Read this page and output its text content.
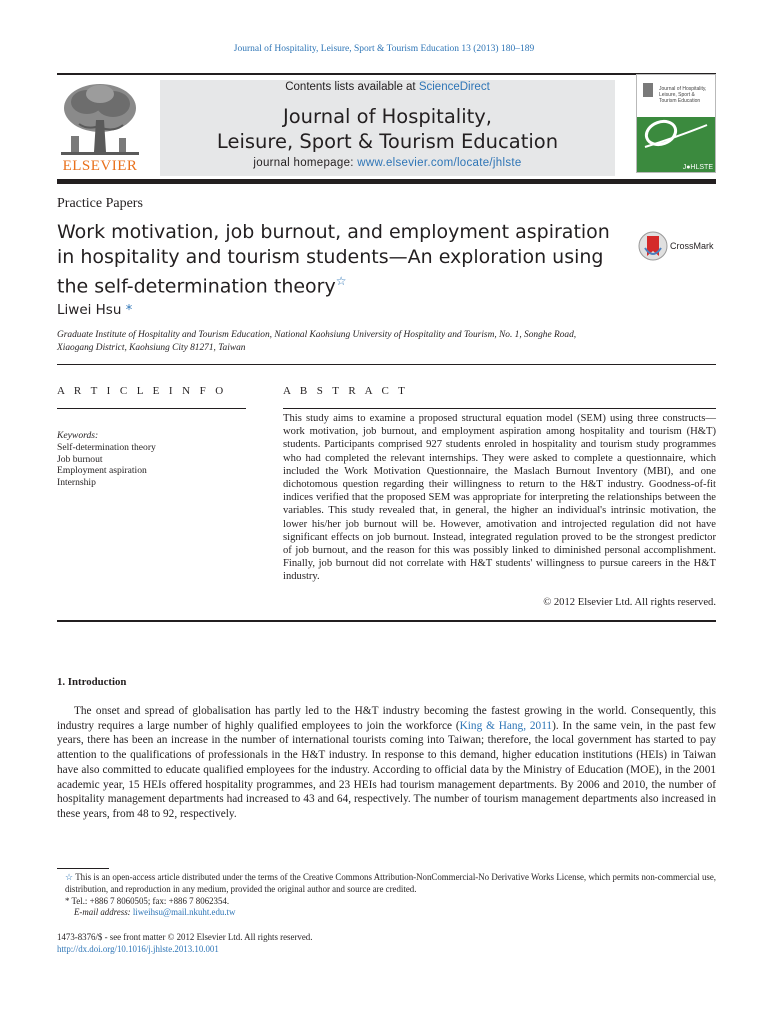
Journal of Hospitality, Leisure, Sport & Tourism Education 13 (2013) 180–189
ELSEVIER
Contents lists available at ScienceDirect
Journal of Hospitality,
Leisure, Sport & Tourism Education
journal homepage: www.elsevier.com/locate/jhlste
Journal of Hospitality,
Leisure, Sport &
Tourism Education
J●HLSTE
Practice Papers
Work motivation, job burnout, and employment aspiration
in hospitality and tourism students—An exploration using
the self-determination theory☆
CrossMark
Liwei Hsu *
Graduate Institute of Hospitality and Tourism Education, National Kaohsiung University of Hospitality and Tourism, No. 1, Songhe Road,
Xiaogang District, Kaohsiung City 81271, Taiwan
A R T I C L E I N F O	A B S T R A C T
Keywords:
Self-determination theory
Job burnout
Employment aspiration
Internship
This study aims to examine a proposed structural equation model (SEM) using three constructs—work motivation, job burnout, and employment aspiration among hospitality and tourism (H&T) students. Participants comprised 927 students enroled in hospitality and tourism study programmes who had completed the relevant internships. They were asked to complete a questionnaire, which included the Work Motivation Questionnaire, the Maslach Burnout Inventory (MBI), and one dichotomous question regarding their willingness to return to the H&T industry. Goodness-of-fit indices verified that the proposed SEM was appropriate for interpreting the relationships between the variables. This study revealed that, in general, the higher an individual's intrinsic motivation, the lower his/her job burnout will be. However, amotivation and introjected regulation did not have significant effects on job burnout. Instead, integrated regulation proved to be the strongest predictor of job burnout, and the reason for this was possibly linked to diminished personal accomplishment. Finally, job burnout did not correlate with H&T students' willingness to pursue careers in the H&T industry.
© 2012 Elsevier Ltd. All rights reserved.
1. Introduction
The onset and spread of globalisation has partly led to the H&T industry becoming the fastest growing in the world. Consequently, this industry requires a large number of highly qualified employees to join the workforce (King & Hang, 2011). In the same vein, in the past few years, there has been an increase in the number of international tourists coming into Taiwan; therefore, the local government has started to pay attention to the qualifications of professionals in the H&T industry. In response to this demand, higher education institutions (HEIs) in Taiwan have also committed to educate qualified employees for the industry. According to official data by the Ministry of Education (MOE), in the 2001 academic year, 15 HEIs offered hospitality programmes, and 23 HEIs had tourism management departments. By 2006 and 2010, the number of hospitality management departments had increased to 43 and 64, respectively. The number of tourism management departments also increased in these years, from 48 to 92, respectively.
☆ This is an open-access article distributed under the terms of the Creative Commons Attribution-NonCommercial-No Derivative Works License, which permits non-commercial use, distribution, and reproduction in any medium, provided the original author and source are credited.
* Tel.: +886 7 8060505; fax: +886 7 8062354.
E-mail address: liweihsu@mail.nkuht.edu.tw
1473-8376/$ - see front matter © 2012 Elsevier Ltd. All rights reserved.
http://dx.doi.org/10.1016/j.jhlste.2013.10.001
